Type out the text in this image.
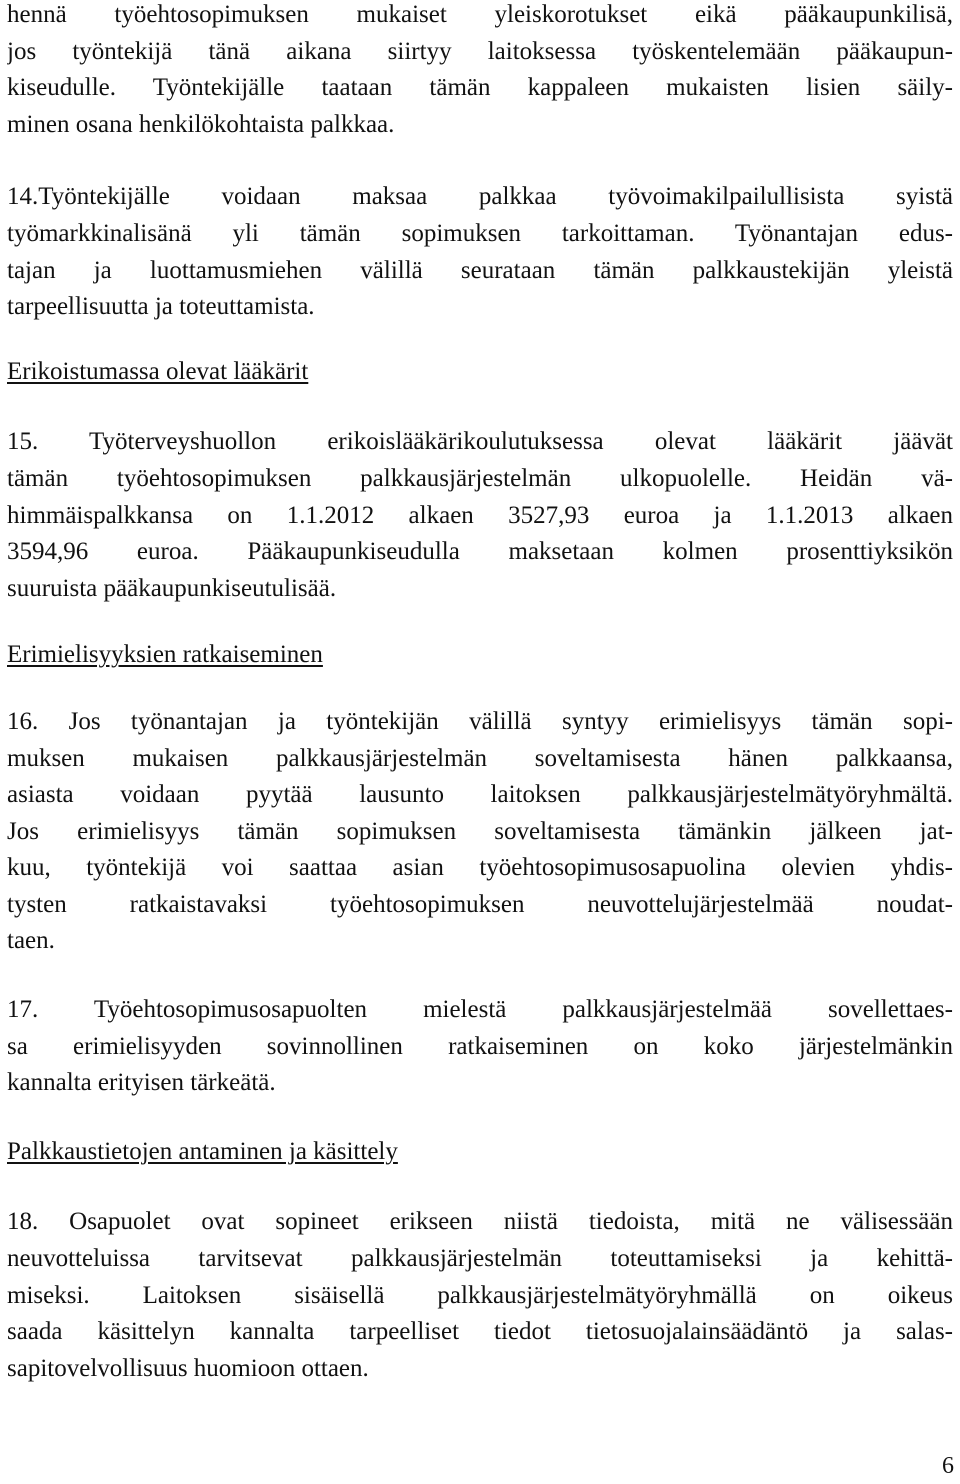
hennä työehtosopimuksen mukaiset yleiskorotukset eikä pääkaupunkilisä,
jos työntekijä tänä aikana siirtyy laitoksessa työskentelemään pääkaupun-
kiseudulle. Työntekijälle taataan tämän kappaleen mukaisten lisien säily-
minen osana henkilökohtaista palkkaa.
14.Työntekijälle voidaan maksaa palkkaa työvoimakilpailullisista syistä
työmarkkinalisänä yli tämän sopimuksen tarkoittaman. Työnantajan edus-
tajan ja luottamusmiehen välillä seurataan tämän palkkaustekijän yleistä
tarpeellisuutta ja toteuttamista.
Erikoistumassa olevat lääkärit
15. Työterveyshuollon erikoislääkärikoulutuksessa olevat lääkärit jäävät
tämän työehtosopimuksen palkkausjärjestelmän ulkopuolelle. Heidän vä-
himmäispalkkansa on 1.1.2012 alkaen 3527,93 euroa ja 1.1.2013 alkaen
3594,96 euroa. Pääkaupunkiseudulla maksetaan kolmen prosenttiyksikön
suuruista pääkaupunkiseutulisää.
Erimielisyyksien ratkaiseminen
16. Jos työnantajan ja työntekijän välillä syntyy erimielisyys tämän sopi-
muksen mukaisen palkkausjärjestelmän soveltamisesta hänen palkkaansa,
asiasta voidaan pyytää lausunto laitoksen palkkausjärjestelmätyöryhmältä.
Jos erimielisyys tämän sopimuksen soveltamisesta tämänkin jälkeen jat-
kuu, työntekijä voi saattaa asian työehtosopimusosapuolina olevien yhdis-
tysten ratkaistavaksi työehtosopimuksen neuvottelujärjestelmää noudat-
taen.
17. Työehtosopimusosapuolten mielestä palkkausjärjestelmää sovellettaes-
sa erimielisyyden sovinnollinen ratkaiseminen on koko järjestelmänkin
kannalta erityisen tärkeätä.
Palkkaustietojen antaminen ja käsittely
18. Osapuolet ovat sopineet erikseen niistä tiedoista, mitä ne välisessään
neuvotteluissa tarvitsevat palkkausjärjestelmän toteuttamiseksi ja kehittä-
miseksi. Laitoksen sisäisellä palkkausjärjestelmätyöryhmällä on oikeus
saada käsittelyn kannalta tarpeelliset tiedot tietosuojalainsäädäntö ja salas-
sapitovelvollisuus huomioon ottaen.
6
